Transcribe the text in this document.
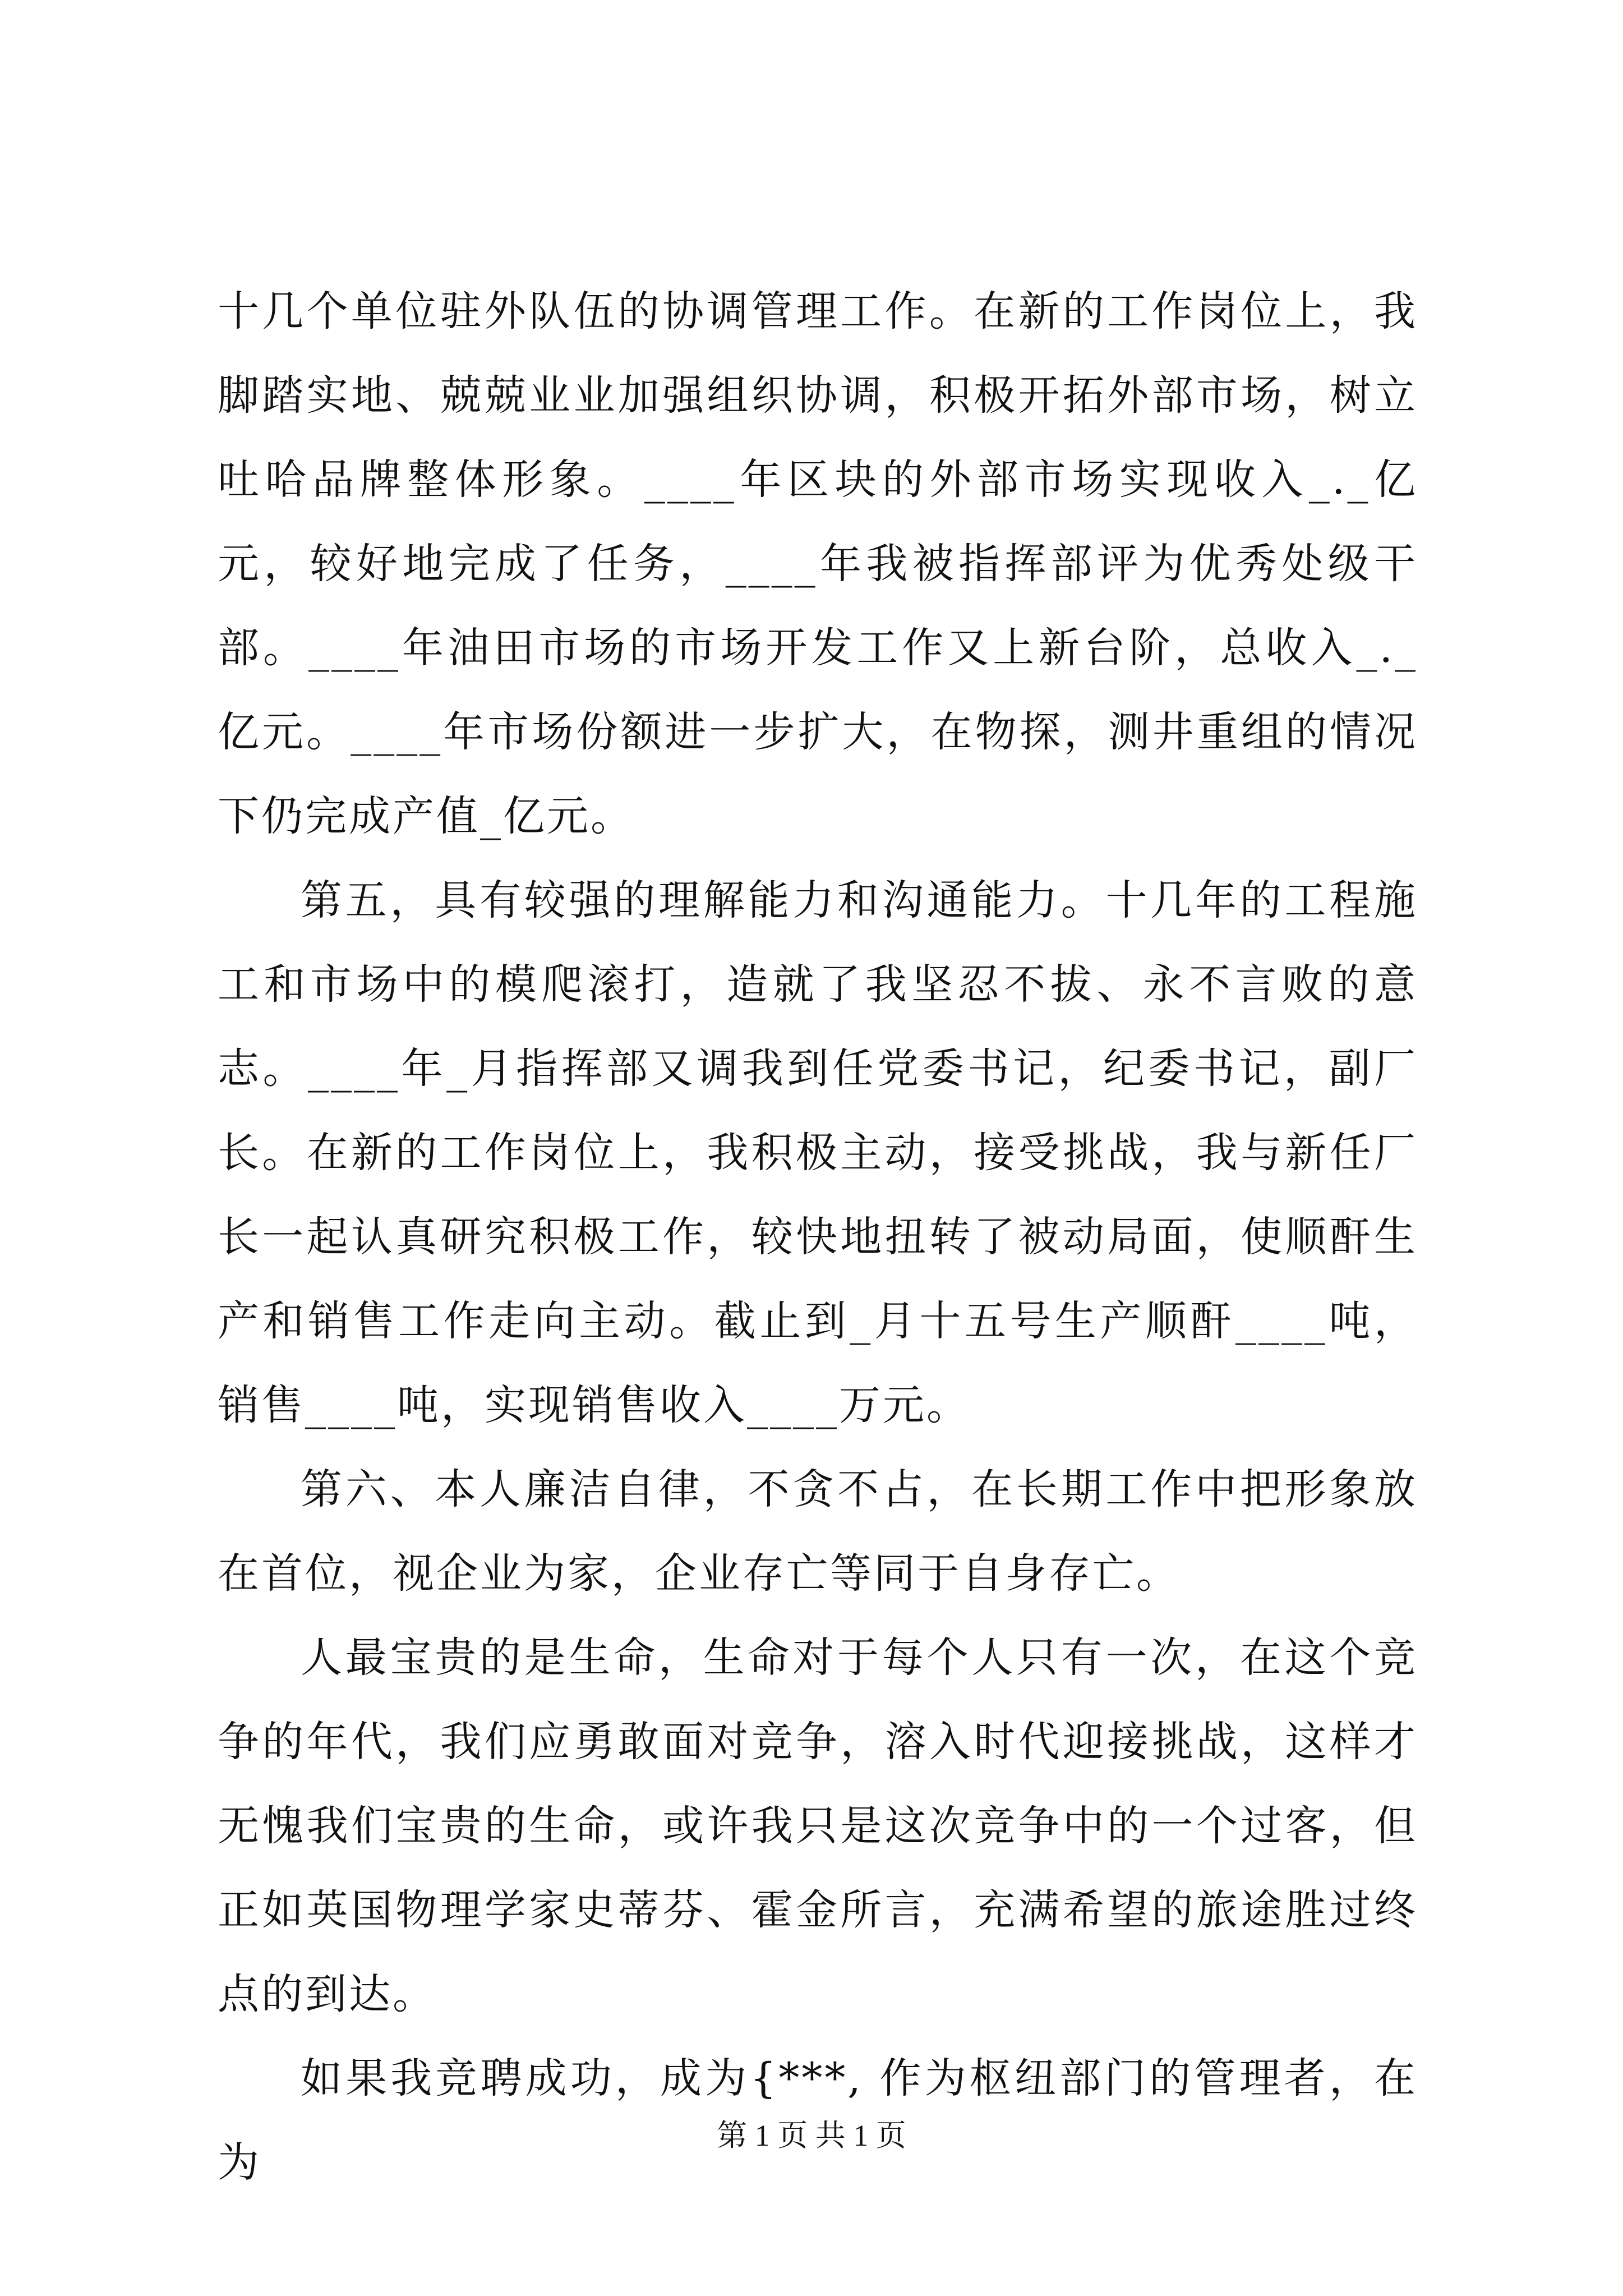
十几个单位驻外队伍的协调管理工作。在新的工作岗位上，我脚踏实地、兢兢业业加强组织协调，积极开拓外部市场，树立吐哈品牌整体形象。____年区块的外部市场实现收入_._亿元，较好地完成了任务，____年我被指挥部评为优秀处级干部。____年油田市场的市场开发工作又上新台阶，总收入_._亿元。____年市场份额进一步扩大，在物探，测井重组的情况下仍完成产值_亿元。

第五，具有较强的理解能力和沟通能力。十几年的工程施工和市场中的模爬滚打，造就了我坚忍不拔、永不言败的意志。____年_月指挥部又调我到任党委书记，纪委书记，副厂长。在新的工作岗位上，我积极主动，接受挑战，我与新任厂长一起认真研究积极工作，较快地扭转了被动局面，使顺酐生产和销售工作走向主动。截止到_月十五号生产顺酐____吨，销售____吨，实现销售收入____万元。

第六、本人廉洁自律，不贪不占，在长期工作中把形象放在首位，视企业为家，企业存亡等同于自身存亡。

人最宝贵的是生命，生命对于每个人只有一次，在这个竞争的年代，我们应勇敢面对竞争，溶入时代迎接挑战，这样才无愧我们宝贵的生命，或许我只是这次竞争中的一个过客，但正如英国物理学家史蒂芬、霍金所言，充满希望的旅途胜过终点的到达。

如果我竞聘成功，成为{***, 作为枢纽部门的管理者，在为

第 1 页 共 1 页
